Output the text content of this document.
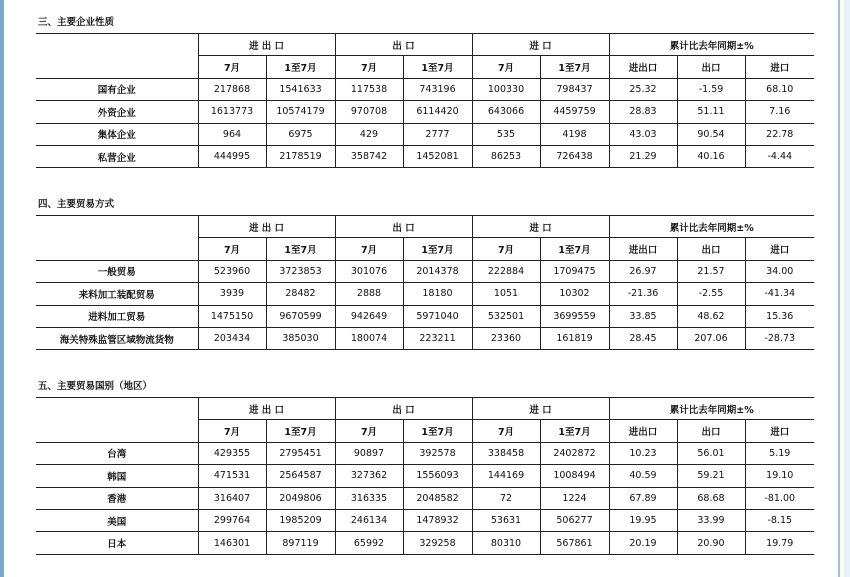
三、主要企业性质
	进 出 口		出 口		进 口		累计比去年同期±%		
	7月	1至7月	7月	1至7月	7月	1至7月	进出口	出口	进口
国有企业	217868	1541633	117538	743196	100330	798437	25.32	-1.59	68.10
外资企业	1613773	10574179	970708	6114420	643066	4459759	28.83	51.11	7.16
集体企业	964	6975	429	2777	535	4198	43.03	90.54	22.78
私营企业	444995	2178519	358742	1452081	86253	726438	21.29	40.16	-4.44
四、主要贸易方式
	进 出 口		出 口		进 口		累计比去年同期±%		
	7月	1至7月	7月	1至7月	7月	1至7月	进出口	出口	进口
一般贸易	523960	3723853	301076	2014378	222884	1709475	26.97	21.57	34.00
来料加工装配贸易	3939	28482	2888	18180	1051	10302	-21.36	-2.55	-41.34
进料加工贸易	1475150	9670599	942649	5971040	532501	3699559	33.85	48.62	15.36
海关特殊监管区域物流货物	203434	385030	180074	223211	23360	161819	28.45	207.06	-28.73
五、主要贸易国别（地区）
	进 出 口		出 口		进 口		累计比去年同期±%		
	7月	1至7月	7月	1至7月	7月	1至7月	进出口	出口	进口
台湾	429355	2795451	90897	392578	338458	2402872	10.23	56.01	5.19
韩国	471531	2564587	327362	1556093	144169	1008494	40.59	59.21	19.10
香港	316407	2049806	316335	2048582	72	1224	67.89	68.68	-81.00
美国	299764	1985209	246134	1478932	53631	506277	19.95	33.99	-8.15
日本	146301	897119	65992	329258	80310	567861	20.19	20.90	19.79
